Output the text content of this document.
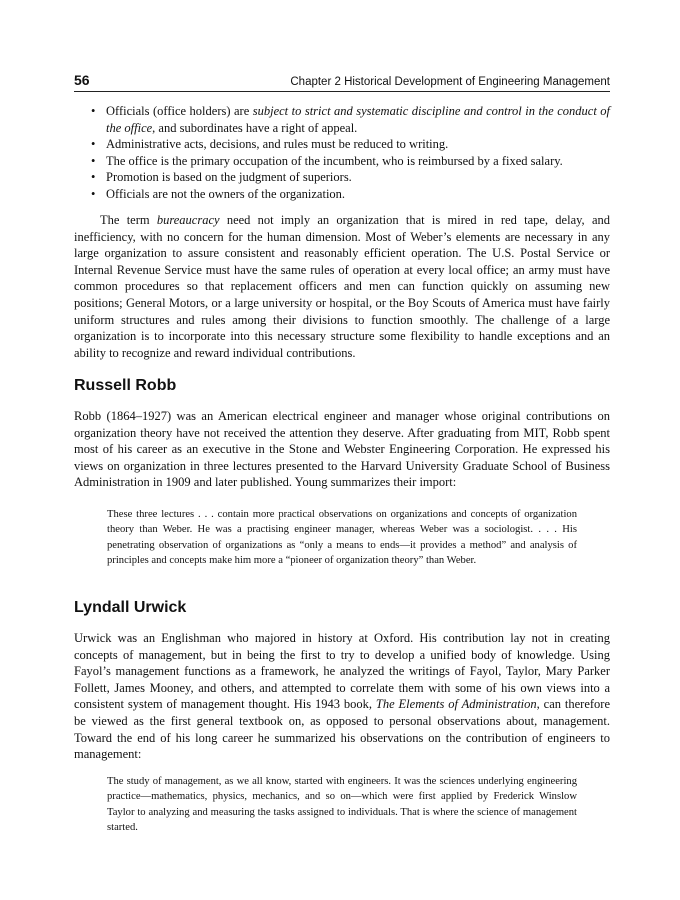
56	Chapter 2 Historical Development of Engineering Management
• Officials (office holders) are subject to strict and systematic discipline and control in the conduct of the office, and subordinates have a right of appeal.
• Administrative acts, decisions, and rules must be reduced to writing.
• The office is the primary occupation of the incumbent, who is reimbursed by a fixed salary.
• Promotion is based on the judgment of superiors.
• Officials are not the owners of the organization.

The term bureaucracy need not imply an organization that is mired in red tape, delay, and inefficiency, with no concern for the human dimension. Most of Weber’s elements are necessary in any large organization to assure consistent and reasonably efficient operation. The U.S. Postal Service or Internal Revenue Service must have the same rules of operation at every local office; an army must have common procedures so that replacement officers and men can function quickly on assuming new positions; General Motors, or a large university or hospital, or the Boy Scouts of America must have fairly uniform structures and rules among their divisions to function smoothly. The challenge of a large organization is to incorporate into this necessary structure some flexibility to handle exceptions and an ability to recognize and reward individual contributions.

Russell Robb

Robb (1864–1927) was an American electrical engineer and manager whose original contributions on organization theory have not received the attention they deserve. After graduating from MIT, Robb spent most of his career as an executive in the Stone and Webster Engineering Corporation. He expressed his views on organization in three lectures presented to the Harvard University Graduate School of Business Administration in 1909 and later published. Young summarizes their import:

These three lectures . . . contain more practical observations on organizations and concepts of organization theory than Weber. He was a practising engineer manager, whereas Weber was a sociologist. . . . His penetrating observation of organizations as “only a means to ends—it provides a method” and analysis of principles and concepts make him more a “pioneer of organization theory” than Weber.

Lyndall Urwick

Urwick was an Englishman who majored in history at Oxford. His contribution lay not in creating concepts of management, but in being the first to try to develop a unified body of knowledge. Using Fayol’s management functions as a framework, he analyzed the writings of Fayol, Taylor, Mary Parker Follett, James Mooney, and others, and attempted to correlate them with some of his own views into a consistent system of management thought. His 1943 book, The Elements of Administration, can therefore be viewed as the first general textbook on, as opposed to personal observations about, management. Toward the end of his long career he summarized his observations on the contribution of engineers to management:

The study of management, as we all know, started with engineers. It was the sciences underlying engineering practice—mathematics, physics, mechanics, and so on—which were first applied by Frederick Winslow Taylor to analyzing and measuring the tasks assigned to individuals. That is where the science of management started.
